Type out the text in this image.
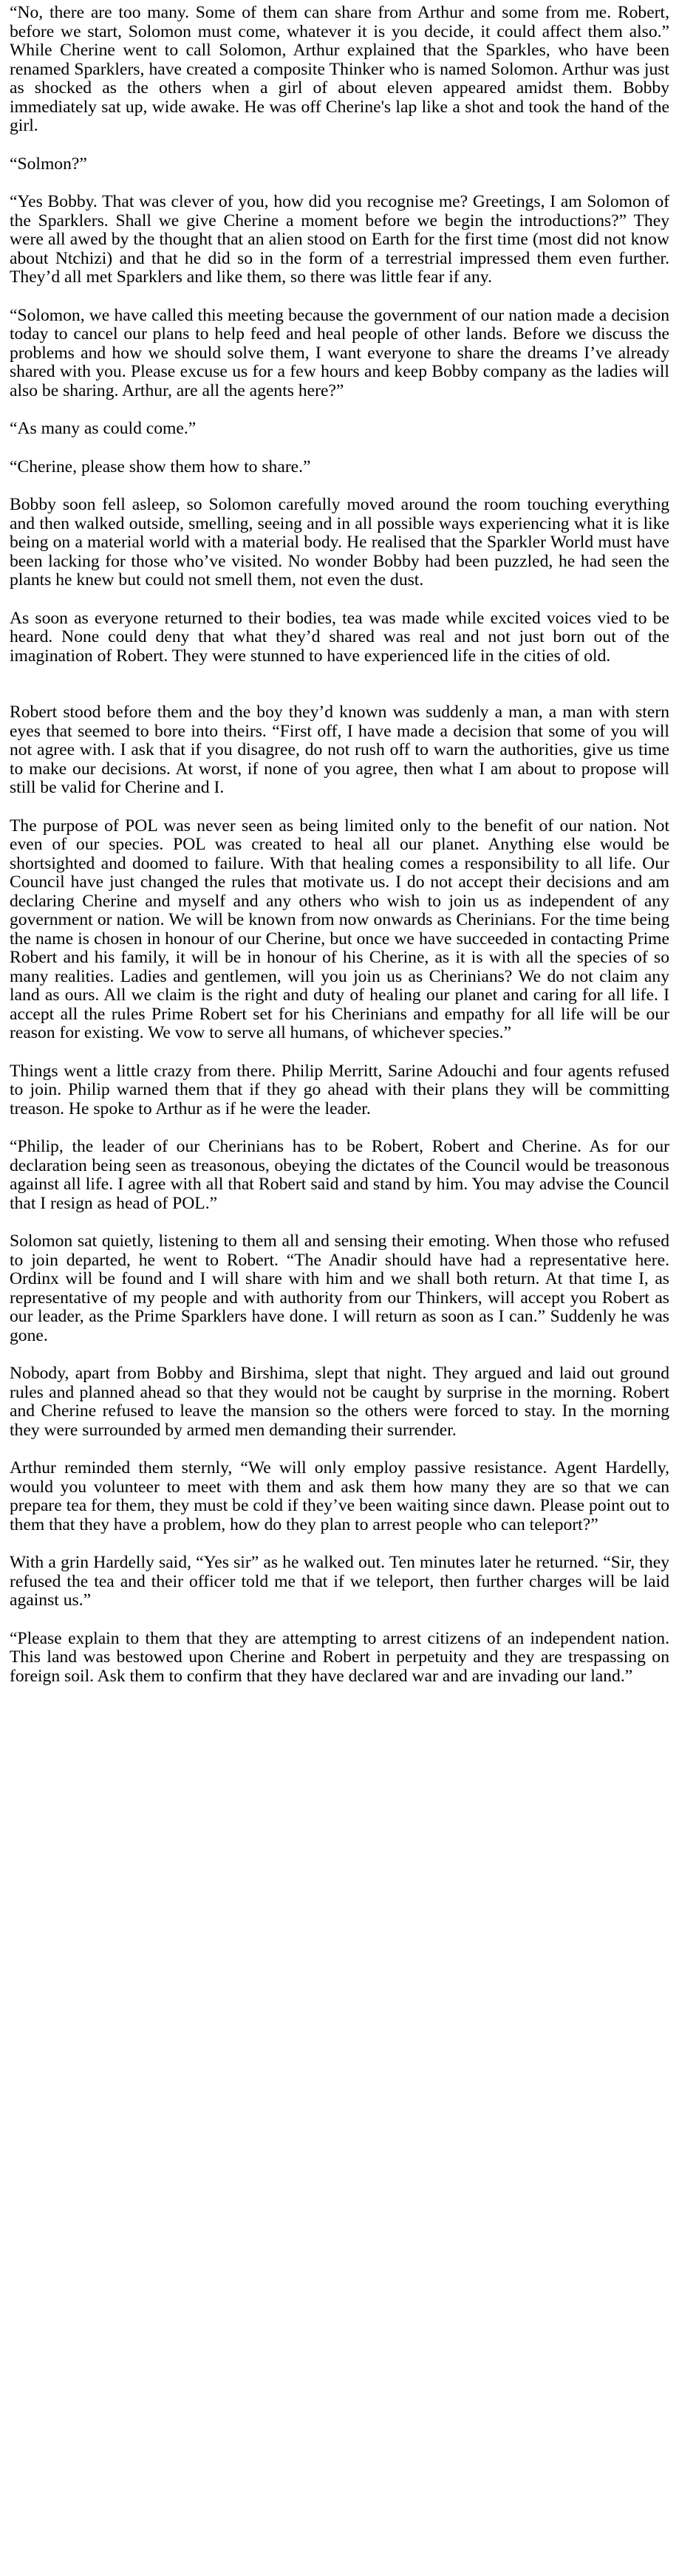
“No, there are too many. Some of them can share from Arthur and some from me. Robert, before we start, Solomon must come, whatever it is you decide, it could affect them also.” While Cherine went to call Solomon, Arthur explained that the Sparkles, who have been renamed Sparklers, have created a composite Thinker who is named Solomon. Arthur was just as shocked as the others when a girl of about eleven appeared amidst them. Bobby immediately sat up, wide awake. He was off Cherine's lap like a shot and took the hand of the girl.

“Solmon?”

“Yes Bobby. That was clever of you, how did you recognise me? Greetings, I am Solomon of the Sparklers. Shall we give Cherine a moment before we begin the introductions?” They were all awed by the thought that an alien stood on Earth for the first time (most did not know about Ntchizi) and that he did so in the form of a terrestrial impressed them even further. They’d all met Sparklers and like them, so there was little fear if any.

“Solomon, we have called this meeting because the government of our nation made a decision today to cancel our plans to help feed and heal people of other lands. Before we discuss the problems and how we should solve them, I want everyone to share the dreams I’ve already shared with you. Please excuse us for a few hours and keep Bobby company as the ladies will also be sharing. Arthur, are all the agents here?”

“As many as could come.”

“Cherine, please show them how to share.”

Bobby soon fell asleep, so Solomon carefully moved around the room touching everything and then walked outside, smelling, seeing and in all possible ways experiencing what it is like being on a material world with a material body. He realised that the Sparkler World must have been lacking for those who’ve visited. No wonder Bobby had been puzzled, he had seen the plants he knew but could not smell them, not even the dust.

As soon as everyone returned to their bodies, tea was made while excited voices vied to be heard. None could deny that what they’d shared was real and not just born out of the imagination of Robert. They were stunned to have experienced life in the cities of old.

Robert stood before them and the boy they’d known was suddenly a man, a man with stern eyes that seemed to bore into theirs. “First off, I have made a decision that some of you will not agree with. I ask that if you disagree, do not rush off to warn the authorities, give us time to make our decisions. At worst, if none of you agree, then what I am about to propose will still be valid for Cherine and I.

The purpose of POL was never seen as being limited only to the benefit of our nation. Not even of our species. POL was created to heal all our planet. Anything else would be shortsighted and doomed to failure. With that healing comes a responsibility to all life. Our Council have just changed the rules that motivate us. I do not accept their decisions and am declaring Cherine and myself and any others who wish to join us as independent of any government or nation. We will be known from now onwards as Cherinians. For the time being the name is chosen in honour of our Cherine, but once we have succeeded in contacting Prime Robert and his family, it will be in honour of his Cherine, as it is with all the species of so many realities. Ladies and gentlemen, will you join us as Cherinians? We do not claim any land as ours. All we claim is the right and duty of healing our planet and caring for all life. I accept all the rules Prime Robert set for his Cherinians and empathy for all life will be our reason for existing. We vow to serve all humans, of whichever species.”

Things went a little crazy from there. Philip Merritt, Sarine Adouchi and four agents refused to join. Philip warned them that if they go ahead with their plans they will be committing treason. He spoke to Arthur as if he were the leader.

“Philip, the leader of our Cherinians has to be Robert, Robert and Cherine. As for our declaration being seen as treasonous, obeying the dictates of the Council would be treasonous against all life. I agree with all that Robert said and stand by him. You may advise the Council that I resign as head of POL.”

Solomon sat quietly, listening to them all and sensing their emoting. When those who refused to join departed, he went to Robert. “The Anadir should have had a representative here. Ordinx will be found and I will share with him and we shall both return. At that time I, as representative of my people and with authority from our Thinkers, will accept you Robert as our leader, as the Prime Sparklers have done. I will return as soon as I can.” Suddenly he was gone.

Nobody, apart from Bobby and Birshima, slept that night. They argued and laid out ground rules and planned ahead so that they would not be caught by surprise in the morning. Robert and Cherine refused to leave the mansion so the others were forced to stay. In the morning they were surrounded by armed men demanding their surrender.

Arthur reminded them sternly, “We will only employ passive resistance. Agent Hardelly, would you volunteer to meet with them and ask them how many they are so that we can prepare tea for them, they must be cold if they’ve been waiting since dawn. Please point out to them that they have a problem, how do they plan to arrest people who can teleport?”

With a grin Hardelly said, “Yes sir” as he walked out. Ten minutes later he returned. “Sir, they refused the tea and their officer told me that if we teleport, then further charges will be laid against us.”

“Please explain to them that they are attempting to arrest citizens of an independent nation. This land was bestowed upon Cherine and Robert in perpetuity and they are trespassing on foreign soil. Ask them to confirm that they have declared war and are invading our land.”
